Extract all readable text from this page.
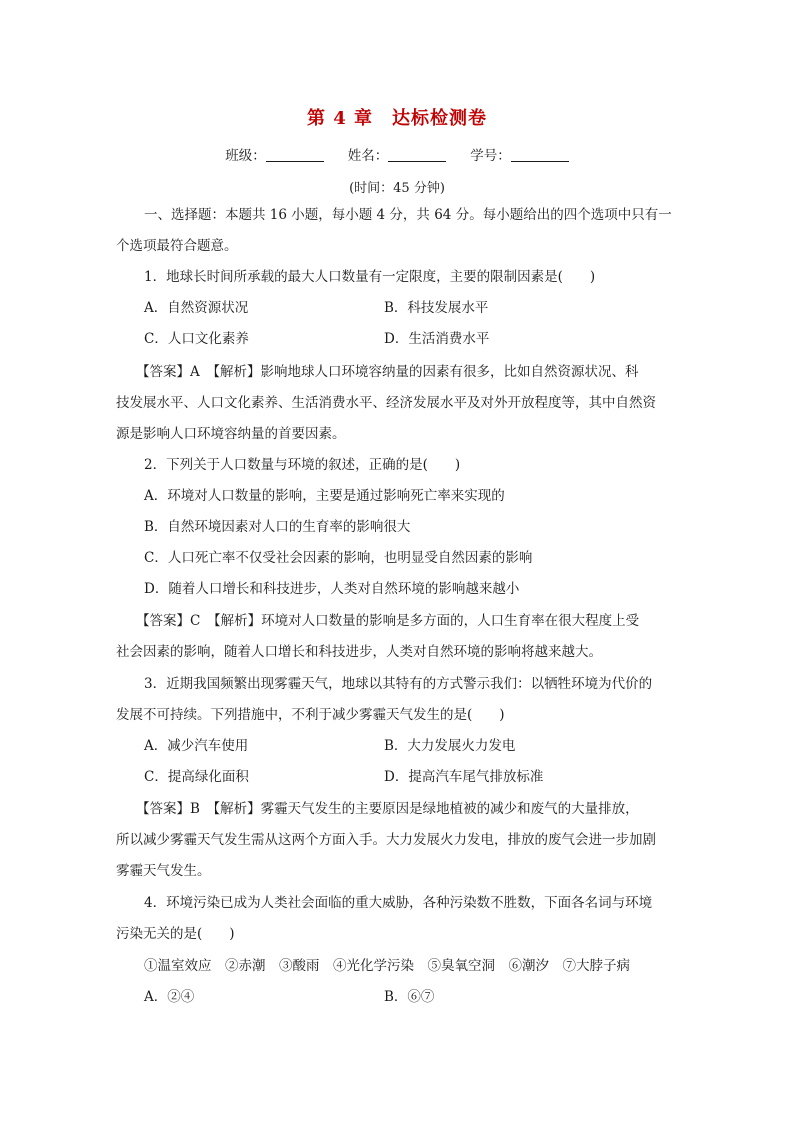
第 4 章　达标检测卷
班级：	姓名：	学号：
(时间：45 分钟)
一、选择题：本题共 16 小题，每小题 4 分，共 64 分。每小题给出的四个选项中只有一
个选项最符合题意。
1．地球长时间所承载的最大人口数量有一定限度，主要的限制因素是(　　)
A．自然资源状况	B．科技发展水平
C．人口文化素养	D．生活消费水平
【答案】A　【解析】影响地球人口环境容纳量的因素有很多，比如自然资源状况、科
技发展水平、人口文化素养、生活消费水平、经济发展水平及对外开放程度等，其中自然资
源是影响人口环境容纳量的首要因素。
2．下列关于人口数量与环境的叙述，正确的是(　　)
A．环境对人口数量的影响，主要是通过影响死亡率来实现的
B．自然环境因素对人口的生育率的影响很大
C．人口死亡率不仅受社会因素的影响，也明显受自然因素的影响
D．随着人口增长和科技进步，人类对自然环境的影响越来越小
【答案】C　【解析】环境对人口数量的影响是多方面的，人口生育率在很大程度上受
社会因素的影响，随着人口增长和科技进步，人类对自然环境的影响将越来越大。
3．近期我国频繁出现雾霾天气，地球以其特有的方式警示我们：以牺牲环境为代价的
发展不可持续。下列措施中，不利于减少雾霾天气发生的是(　　)
A．减少汽车使用	B．大力发展火力发电
C．提高绿化面积	D．提高汽车尾气排放标准
【答案】B　【解析】雾霾天气发生的主要原因是绿地植被的减少和废气的大量排放，
所以减少雾霾天气发生需从这两个方面入手。大力发展火力发电，排放的废气会进一步加剧
雾霾天气发生。
4．环境污染已成为人类社会面临的重大威胁，各种污染数不胜数，下面各名词与环境
污染无关的是(　　)
①温室效应　②赤潮　③酸雨　④光化学污染　⑤臭氧空洞　⑥潮汐　⑦大脖子病
A．②④	B．⑥⑦
